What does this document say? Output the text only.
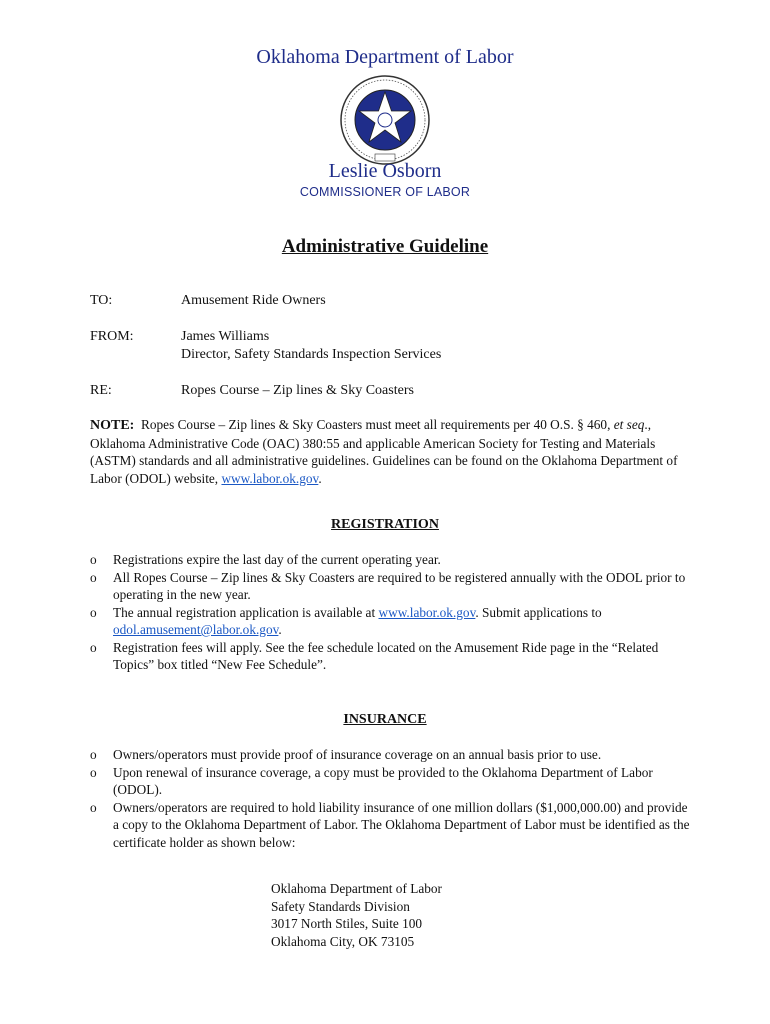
Oklahoma Department of Labor
Leslie Osborn
COMMISSIONER OF LABOR
Administrative Guideline
TO:	Amusement Ride Owners
FROM:	James Williams
Director, Safety Standards Inspection Services
RE:	Ropes Course – Zip lines & Sky Coasters
NOTE: Ropes Course – Zip lines & Sky Coasters must meet all requirements per 40 O.S. § 460, et seq., Oklahoma Administrative Code (OAC) 380:55 and applicable American Society for Testing and Materials (ASTM) standards and all administrative guidelines. Guidelines can be found on the Oklahoma Department of Labor (ODOL) website, www.labor.ok.gov.
REGISTRATION
o Registrations expire the last day of the current operating year.
o All Ropes Course – Zip lines & Sky Coasters are required to be registered annually with the ODOL prior to operating in the new year.
o The annual registration application is available at www.labor.ok.gov. Submit applications to odol.amusement@labor.ok.gov.
o Registration fees will apply. See the fee schedule located on the Amusement Ride page in the “Related Topics” box titled “New Fee Schedule”.
INSURANCE
o Owners/operators must provide proof of insurance coverage on an annual basis prior to use.
o Upon renewal of insurance coverage, a copy must be provided to the Oklahoma Department of Labor (ODOL).
o Owners/operators are required to hold liability insurance of one million dollars ($1,000,000.00) and provide a copy to the Oklahoma Department of Labor. The Oklahoma Department of Labor must be identified as the certificate holder as shown below:
Oklahoma Department of Labor
Safety Standards Division
3017 North Stiles, Suite 100
Oklahoma City, OK 73105
